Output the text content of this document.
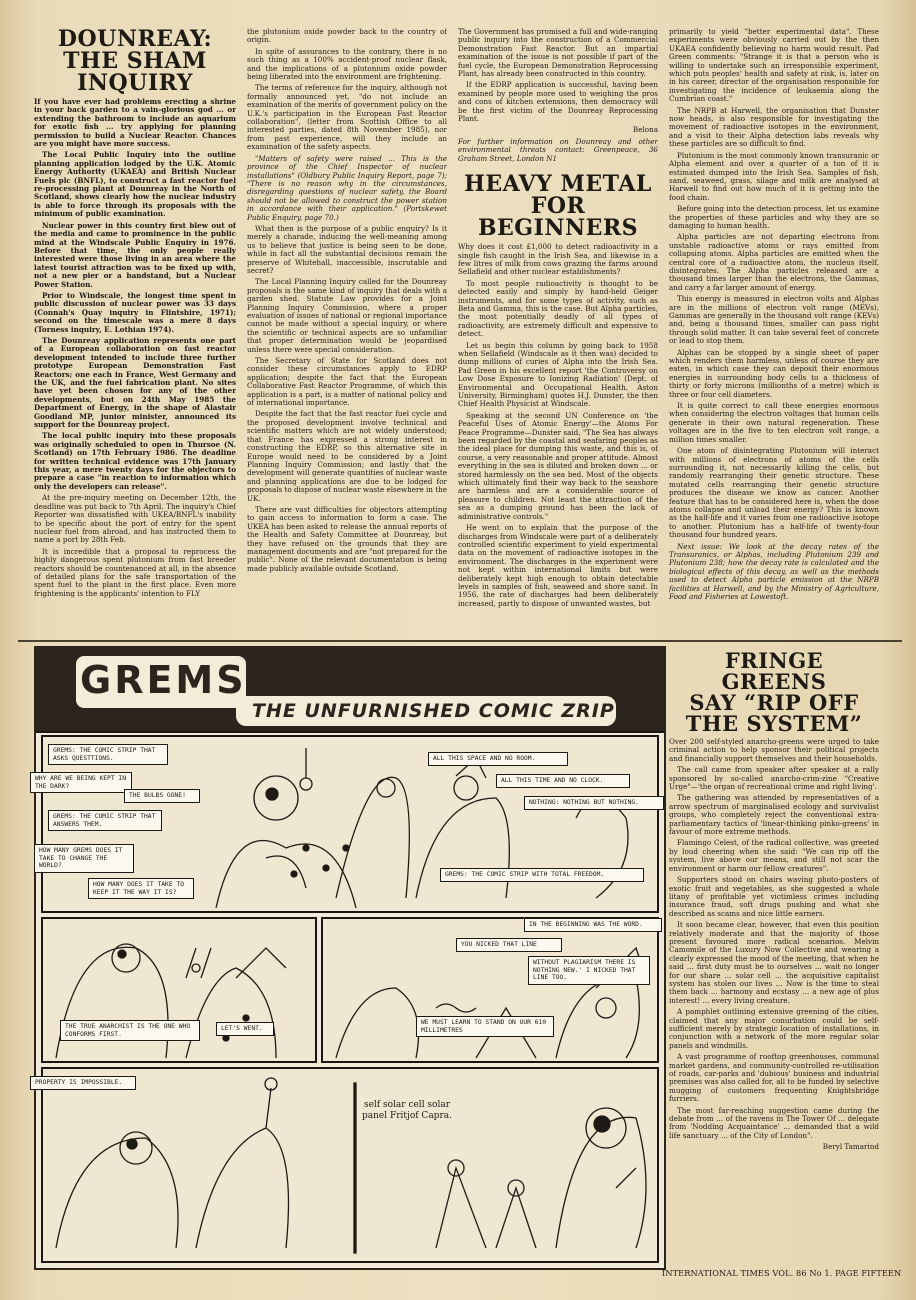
DOUNREAY:
THE SHAM
INQUIRY

If you have ever had problems erecting a shrine in your back garden to a vain-glorious god ... or extending the bathroom to include an aquarium for exotic fish ... try applying for planning permission to build a Nuclear Reactor. Chances are you might have more success.

The Local Public Inquiry into the outline planning application lodged by the U.K. Atomic Energy Authority (UKAEA) and British Nuclear Fuels plc (BNFL), to construct a fast reactor fuel re-processing plant at Dounreay in the North of Scotland, shows clearly how the nuclear industry is able to force through its proposals with the minimum of public examination.

Nuclear power in this country first blew out of the media and came to prominence in the public mind at the Windscale Public Enquiry in 1976. Before that time, the only people really interested were those living in an area where the latest tourist attraction was to be fixed up with, not a new pier or a bandstand, but a Nuclear Power Station.

Prior to Windscale, the longest time spent in public discussion of nuclear power was 33 days (Connah's Quay inquiry in Flintshire, 1971); second on the timescale was a mere 8 days (Torness inquiry, E. Lothian 1974).

The Dounreay application represents one part of a European collaboration on fast reactor development intended to include three further prototype European Demonstration Fast Reactors; one each in France, West Germany and the UK, and the fuel fabrication plant. No sites have yet been chosen for any of the other developments, but on 24th May 1985 the Department of Energy, in the shape of Alastair Goodland MP, junior minister, announced its support for the Dounreay project.

The local public inquiry into these proposals was originally scheduled to open in Thursoe (N. Scotland) on 17th February 1986. The deadline for written technical evidence was 17th January this year, a mere twenty days for the objectors to prepare a case "in reaction to information which only the developers can release".

At the pre-inquiry meeting on December 12th, the deadline was put back to 7th April. The inquiry's Chief Reporter was dissatisfied with UKEA/BNFL's inability to be specific about the port of entry for the spent nuclear fuel from abroad, and has instructed them to name a port by 28th Feb.

It is incredible that a proposal to reprocess the highly dangerous spent plutonium from fast breeder reactors should be countenanced at all, in the absence of detailed plans for the safe transportation of the spent fuel to the plant in the first place. Even more frightening is the applicants' intention to FLY

the plutonium oxide powder back to the country of origin.

In spite of assurances to the contrary, there is no such thing as a 100% accident-proof nuclear flask, and the implications of a plutonium oxide powder being liberated into the environment are frightening.

The terms of reference for the inquiry, although not formally announced yet, "do not include an examination of the merits of government policy on the U.K.'s participation in the European Fast Reactor collaboration", (letter from Scottish Office to all interested parties, dated 8th November 1985), nor from past experience, will they include an examination of the safety aspects.

"Matters of safety were raised ... This is the province of the Chief Inspector of nuclear installations" (Oldbury Public Inquiry Report, page 7); "There is no reason why in the circumstances, disregarding questions of nuclear safety, the Board should not be allowed to construct the power station in accordance with their application." (Portskewet Public Enquiry, page 70.)

What then is the purpose of a public enquiry? Is it merely a charade, inducing the well-meaning among us to believe that justice is being seen to be done, while in fact all the substantial decisions remain the preserve of Whitehall, inaccessible, inscrutable and secret?

The Local Planning Inquiry called for the Dounreay proposals is the same kind of inquiry that deals with a garden shed. Statute Law provides for a Joint Planning Inquiry Commission, where a proper evaluation of issues of national or regional importance cannot be made without a special inquiry, or where the scientific or technical aspects are so unfamiliar that proper determination would be jeopardised unless there were special consideration.

The Secretary of State for Scotland does not consider these circumstances apply to EDRP application; despite the fact that the European Collaborative Fast Reactor Programme, of which this application is a part, is a matter of national policy and of international importance.

Despite the fact that the fast reactor fuel cycle and the proposed development involve technical and scientific matters which are not widely understood; that France has expressed a strong interest in constructing the EDRP, so this alternative site in Europe would need to be considered by a Joint Planning Inquiry Commission; and lastly that the development will generate quantities of nuclear waste and planning applications are due to be lodged for proposals to dispose of nuclear waste elsewhere in the UK.

There are vast difficulties for objectors attempting to gain access to information to form a case. The UKEA has been asked to release the annual reports of the Health and Safety Committee at Dounreay, but they have refused on the grounds that they are management documents and are "not prepared for the public". None of the relevant documentation is being made publicly available outside Scotland.

The Government has promised a full and wide-ranging public inquiry into the construction of a Commercial Demonstration Fast Reactor. But an impartial examination of the issue is not possible if part of the fuel cycle, the European Demonstration Reprocessing Plant, has already been constructed in this country.

If the EDRP application is successful, having been examined by people more used to weighing the pros and cons of kitchen extensions, then democracy will be the first victim of the Dounreay Reprocessing Plant.

Belona

For further information on Dounreay and other environmental threats contact: Greenpeace, 36 Graham Street, London N1

HEAVY METAL
FOR BEGINNERS

Why does it cost £1,000 to detect radioactivity in a single fish caught in the Irish Sea, and likewise in a few litres of milk from cows grazing the farms around Sellafield and other nuclear establishments?

To most people radioactivity is thought to be detected easily and simply by hand-held Geiger instruments, and for some types of activity, such as Beta and Gamma, this is the case. But Alpha particles, the most potentially deadly of all types of radioactivity, are extremely difficult and expensive to detect.

Let us begin this column by going back to 1958 when Sellafield (Windscale as it then was) decided to dump millions of curies of Alpha into the Irish Sea. Pad Green in his excellent report 'the Controversy on Low Dose Exposure to Ionizing Radiation' (Dept. of Environmental and Occupational Health, Aston University, Birmingham) quotes H.J. Dunster, the then Chief Health Physicist at Windscale.

Speaking at the second UN Conference on 'the Peaceful Uses of Atomic Energy'—the Atoms For Peace Programme—Dunster said, "The Sea has always been regarded by the coastal and seafaring peoples as the ideal place for dumping this waste, and this is, of course, a very reasonable and proper attitude. Almost everything in the sea is diluted and broken down ... or stored harmlessly on the sea bed. Most of the objects which ultimately find their way back to the seashore are harmless and are a considerable source of pleasure to children. Not least the attraction of the sea as a dumping ground has been the lack of administrative controls."

He went on to explain that the purpose of the discharges from Windscale were part of a deliberately controlled scientific experiment to yield experimental data on the movement of radioactive isotopes in the environment. The discharges in the experiment were not kept within international limits but were deliberately kept high enough to obtain detectable levels in samples of fish, seaweed and shore sand. In 1956, the rate of discharges had been deliberately increased, partly to dispose of unwanted wastes, but

primarily to yield "better experimental data". These experiments were obviously carried out by the then UKAEA confidently believing no harm would result. Pad Green comments: "Strange it is that a person who is willing to undertake such an irresponsible experiment, which puts peoples' health and safety at risk, is, later on in his career, director of the organisation responsible for investigating the incidence of leukaemia along the Cumbrian coast."

The NRPB at Harwell, the organisation that Dunster now heads, is also responsible for investigating the movement of radioactive isotopes in the environment, and a visit to their Alpha detection labs reveals why these particles are so difficult to find.

Plutonium is the most commonly known transuranic or Alpha element and over a quarter of a ton of it is estimated dumped into the Irish Sea. Samples of fish, sand, seaweed, grass, silage and milk are analysed at Harwell to find out how much of it is getting into the food chain.

Before going into the detection process, let us examine the properties of these particles and why they are so damaging to human health.

Alpha particles are not departing electrons from unstable radioactive atoms or rays emitted from collapsing atoms. Alpha particles are emitted when the central core of a radioactive atom, the nucleus itself, disintegrates. The Alpha particles released are a thousand times larger than the electrons, the Gammas, and carry a far larger amount of energy.

This energy is measured in electron volts and Alphas are in the millions of electron volt range (MEVs), Gammas are generally in the thousand volt range (KEVs) and, being a thousand times, smaller can pass right through solid matter. It can take several feet of concrete or lead to stop them.

Alphas can be stopped by a single sheet of paper which renders them harmless, unless of course they are eaten, in which case they can deposit their enormous energies in surrounding body cells to a thickness of thirty or forty microns (millionths of a metre) which is three or four cell diameters.

It is quite correct to call these energies enormous when considering the electron voltages that human cells generate in their own natural regeneration. These voltages are in the five to ten electron volt range, a million times smaller.

One atom of disintegrating Plutonium will interact with millions of electrons of atoms of the cells surrounding it, not necessarily killing the cells, but randomly rearranging their genetic structure. These mutated cells rearranging their genetic structure produces the disease we know as cancer. Another feature that has to be considered here is, when the dose atoms collapse and unload their energy? This is known as the half-life and it varies from one radioactive isotope to another. Plutonium has a half-life of twenty-four thousand four hundred years.

Next issue: We look at the decay rates of the Transuranics, or Alphas, including Plutonium 239 and Plutonium 238; how the decay rate is calculated and the biological effects of this decay, as well as the methods used to detect Alpha particle emission at the NRPB facilities at Harwell, and by the Ministry of Agriculture, Food and Fisheries at Lowestoft.

GREMS
THE UNFURNISHED COMIC ZRIP
GREMS: THE COMIC STRIP THAT ASKS QUESTTIONS.
WHY ARE WE BEING KEPT IN THE DARK?
THE BULBS GONE!
GREMS: THE COMIC STRIP THAT ANSWERS THEM.
HOW MANY GREMS DOES IT TAKE TO CHANGE THE WORLD?
HOW MANY DOES IT TAKE TO KEEP IT THE WAY IT IS?
ALL THIS SPACE AND NO ROOM.
ALL THIS TIME AND NO CLOCK.
NOTHING: NOTHING BUT NOTHING.
GREMS: THE COMIC STRIP WITH TOTAL FREEDOM.
THE TRUE ANARCHIST IS THE ONE WHO CONFORMS FIRST.
LET'S WENT.
IN THE BEGINNING WAS THE WORD.
YOU NICKED THAT LINE
WITHOUT PLAGIARISM THERE IS NOTHING NEW.' I NICKED THAT LINE TOO.
WE MUST LEARN TO STAND ON OUR 610 MILLIMETRES
PROPERTY IS IMPOSSIBLE.
self solar cell solar panel Fritjof Capra.
FRINGE GREENS
SAY “RIP OFF
THE SYSTEM”

Over 200 self-styled anarcho-greens were urged to take criminal action to help sponsor their political projects and financially support themselves and their households.

The call came from speaker after speaker at a rally sponsored by so-called anarcho-crim-zine "Creative Urge"—'the organ of recreational crime and right living'.

The gathering was attended by representatives of a arrow spectrum of marginalised ecology and survivalist groups, who completely reject the conventional extra-parliamentary tactics of 'linear-thinking pinko-greens' in favour of more extreme methods.

Flamingo Celest, of the radical collective, was greeted by loud cheering when she said: "We can rip off the system, live above our means, and still not scar the environment or harm our fellow creatures".

Supporters stood on chairs waving photo-posters of exotic fruit and vegetables, as she suggested a whole litany of profitable yet victimless crimes including insurance fraud, soft drugs pushing and what she described as scams and nice little earners.

It soon became clear, however, that even this position relatively moderate and that the majority of those present favoured more radical scenarios. Melvin Camomile of the Luxury Now Collective and wearing a clearly expressed the mood of the meeting, that when he said ... first duty must be to ourselves ... wait no longer for our share ... solar cell ... the acquisitive capitalist system has stolen our lives ... Now is the time to steal them back ... harmony and ecstasy ... a new age of plus interest! ... every living creature.

A pamphlet outlining extensive greening of the cities, claimed that any major conurbation could be self-sufficient merely by strategic location of installations, in conjunction with a network of the more regular solar panels and windmills.

A vast programme of rooftop greenhouses, communal market gardens, and community-controlled re-utilisation of roads, car-parks and 'dubious' business and industrial premises was also called for, all to be funded by selective mugging of customers frequenting Knightsbridge furriers.

The most far-reaching suggestion came during the debate from ... of the ravens in The Tower Of ... delegate from 'Nodding Acquaintance' ... demanded that a wild life sanctuary ... of the City of London".

Beryl Tamarind

INTERNATIONAL TIMES VOL. 86 No 1. PAGE FIFTEEN
